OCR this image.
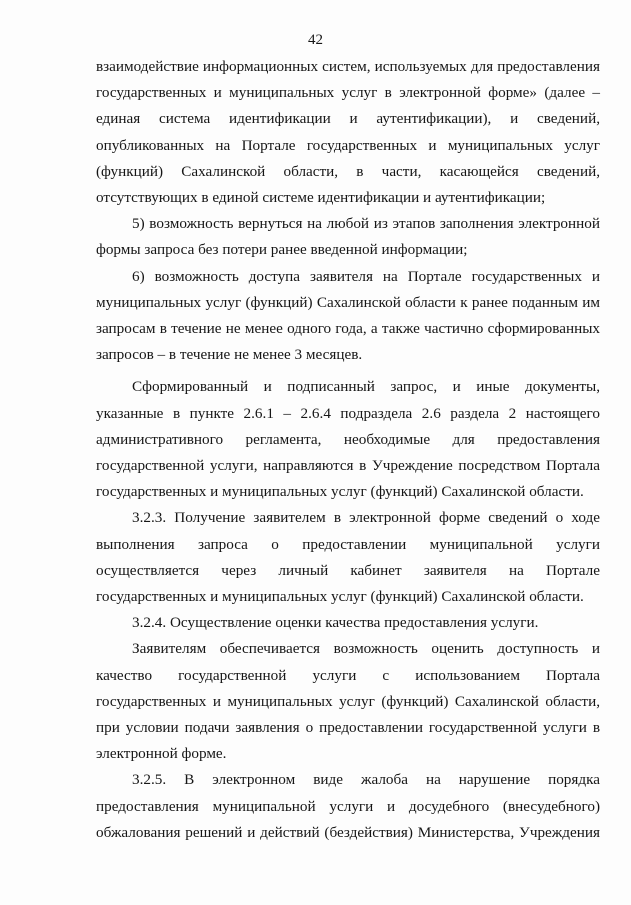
42
взаимодействие информационных систем, используемых для предоставления
государственных и муниципальных услуг в электронной форме» (далее –
единая система идентификации и аутентификации), и сведений,
опубликованных на Портале государственных и муниципальных услуг
(функций) Сахалинской области, в части, касающейся сведений,
отсутствующих в единой системе идентификации и аутентификации;
5) возможность вернуться на любой из этапов заполнения электронной
формы запроса без потери ранее введенной информации;
6) возможность доступа заявителя на Портале государственных и
муниципальных услуг (функций) Сахалинской области к ранее поданным им
запросам в течение не менее одного года, а также частично сформированных
запросов – в течение не менее 3 месяцев.
Сформированный и подписанный запрос, и иные документы,
указанные в пункте 2.6.1 – 2.6.4 подраздела 2.6 раздела 2 настоящего
административного регламента, необходимые для предоставления
государственной услуги, направляются в Учреждение посредством Портала
государственных и муниципальных услуг (функций) Сахалинской области.
3.2.3. Получение заявителем в электронной форме сведений о ходе
выполнения запроса о предоставлении муниципальной услуги
осуществляется через личный кабинет заявителя на Портале
государственных и муниципальных услуг (функций) Сахалинской области.
3.2.4. Осуществление оценки качества предоставления услуги.
Заявителям обеспечивается возможность оценить доступность и
качество государственной услуги с использованием Портала
государственных и муниципальных услуг (функций) Сахалинской области,
при условии подачи заявления о предоставлении государственной услуги в
электронной форме.
3.2.5. В электронном виде жалоба на нарушение порядка
предоставления муниципальной услуги и досудебного (внесудебного)
обжалования решений и действий (бездействия) Министерства, Учреждения
